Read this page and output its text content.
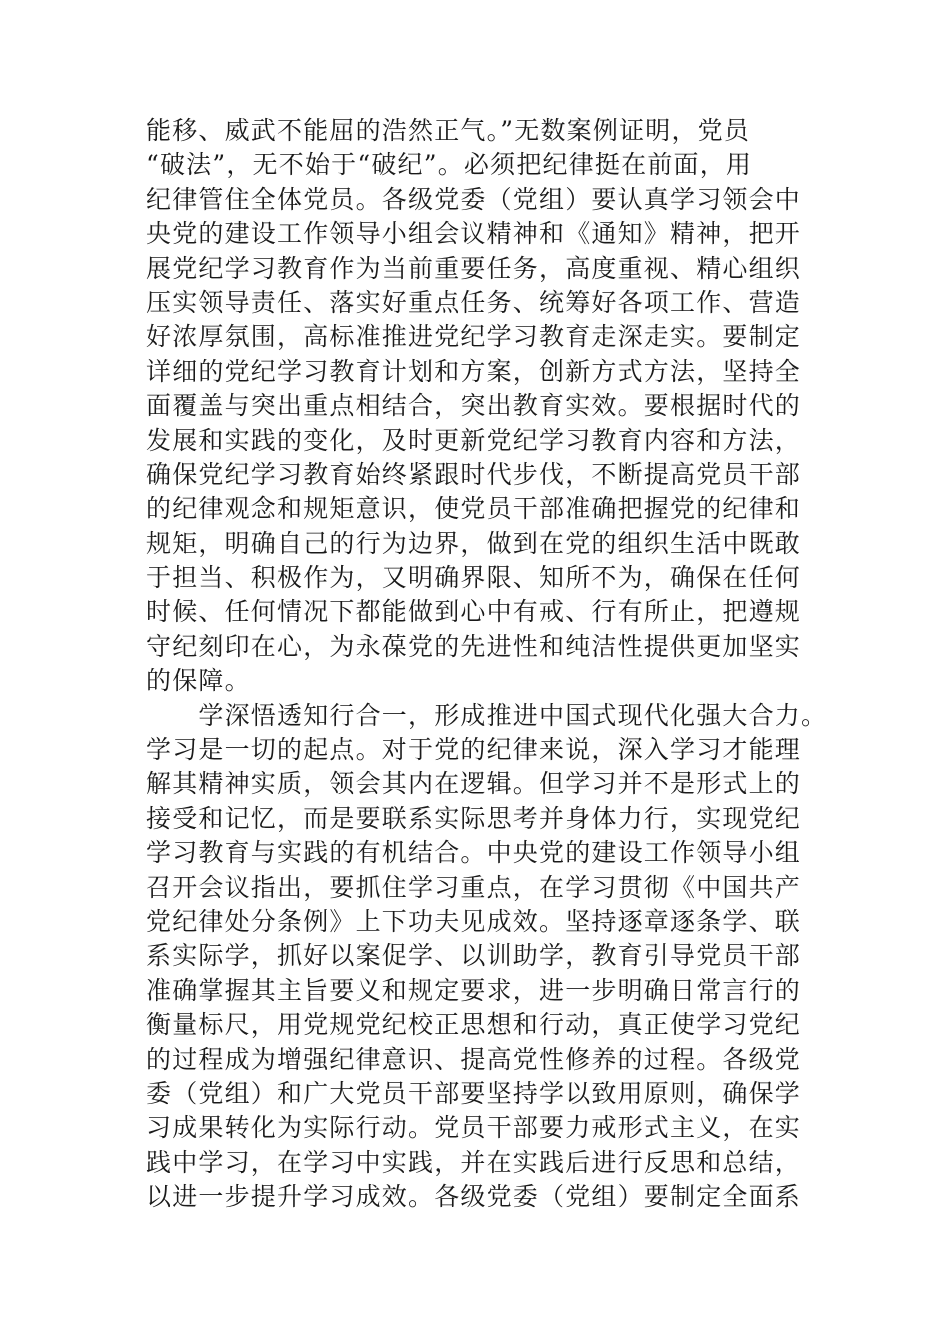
能移、威武不能屈的浩然正气。”无数案例证明，党员
“破法”，无不始于“破纪”。必须把纪律挺在前面，用
纪律管住全体党员。各级党委（党组）要认真学习领会中
央党的建设工作领导小组会议精神和《通知》精神，把开
展党纪学习教育作为当前重要任务，高度重视、精心组织
压实领导责任、落实好重点任务、统筹好各项工作、营造
好浓厚氛围，高标准推进党纪学习教育走深走实。要制定
详细的党纪学习教育计划和方案，创新方式方法，坚持全
面覆盖与突出重点相结合，突出教育实效。要根据时代的
发展和实践的变化，及时更新党纪学习教育内容和方法，
确保党纪学习教育始终紧跟时代步伐，不断提高党员干部
的纪律观念和规矩意识，使党员干部准确把握党的纪律和
规矩，明确自己的行为边界，做到在党的组织生活中既敢
于担当、积极作为，又明确界限、知所不为，确保在任何
时候、任何情况下都能做到心中有戒、行有所止，把遵规
守纪刻印在心，为永葆党的先进性和纯洁性提供更加坚实
的保障。
　　学深悟透知行合一，形成推进中国式现代化强大合力。
学习是一切的起点。对于党的纪律来说，深入学习才能理
解其精神实质，领会其内在逻辑。但学习并不是形式上的
接受和记忆，而是要联系实际思考并身体力行，实现党纪
学习教育与实践的有机结合。中央党的建设工作领导小组
召开会议指出，要抓住学习重点，在学习贯彻《中国共产
党纪律处分条例》上下功夫见成效。坚持逐章逐条学、联
系实际学，抓好以案促学、以训助学，教育引导党员干部
准确掌握其主旨要义和规定要求，进一步明确日常言行的
衡量标尺，用党规党纪校正思想和行动，真正使学习党纪
的过程成为增强纪律意识、提高党性修养的过程。各级党
委（党组）和广大党员干部要坚持学以致用原则，确保学
习成果转化为实际行动。党员干部要力戒形式主义，在实
践中学习，在学习中实践，并在实践后进行反思和总结，
以进一步提升学习成效。各级党委（党组）要制定全面系
